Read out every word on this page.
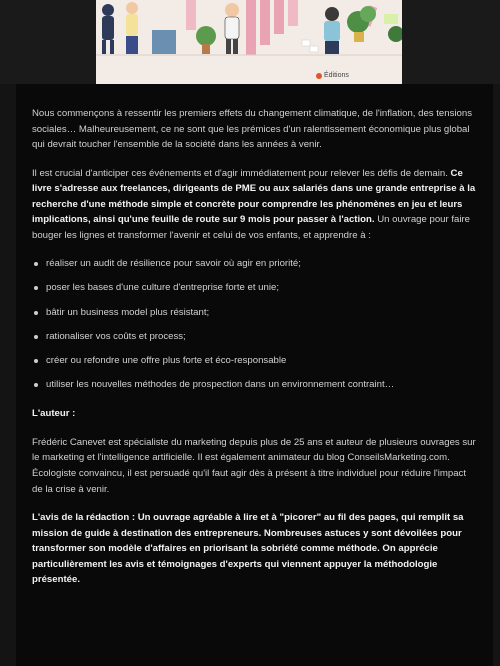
Éditions

Nous commençons à ressentir les premiers effets du changement climatique, de l'inflation, des tensions sociales… Malheureusement, ce ne sont que les prémices d'un ralentissement économique plus global qui devrait toucher l'ensemble de la société dans les années à venir.

Il est crucial d'anticiper ces événements et d'agir immédiatement pour relever les défis de demain. Ce livre s'adresse aux freelances, dirigeants de PME ou aux salariés dans une grande entreprise à la recherche d'une méthode simple et concrète pour comprendre les phénomènes en jeu et leurs implications, ainsi qu'une feuille de route sur 9 mois pour passer à l'action. Un ouvrage pour faire bouger les lignes et transformer l'avenir et celui de vos enfants, et apprendre à :

réaliser un audit de résilience pour savoir où agir en priorité;
poser les bases d'une culture d'entreprise forte et unie;
bâtir un business model plus résistant;
rationaliser vos coûts et process;
créer ou refondre une offre plus forte et éco-responsable
utiliser les nouvelles méthodes de prospection dans un environnement contraint…

L'auteur :

Frédéric Canevet est spécialiste du marketing depuis plus de 25 ans et auteur de plusieurs ouvrages sur le marketing et l'intelligence artificielle. Il est également animateur du blog ConseilsMarketing.com. Écologiste convaincu, il est persuadé qu'il faut agir dès à présent à titre individuel pour réduire l'impact de la crise à venir.

L'avis de la rédaction : Un ouvrage agréable à lire et à "picorer" au fil des pages, qui remplit sa mission de guide à destination des entrepreneurs. Nombreuses astuces y sont dévoilées pour transformer son modèle d'affaires en priorisant la sobriété comme méthode. On apprécie particulièrement les avis et témoignages d'experts qui viennent appuyer la méthodologie présentée.
